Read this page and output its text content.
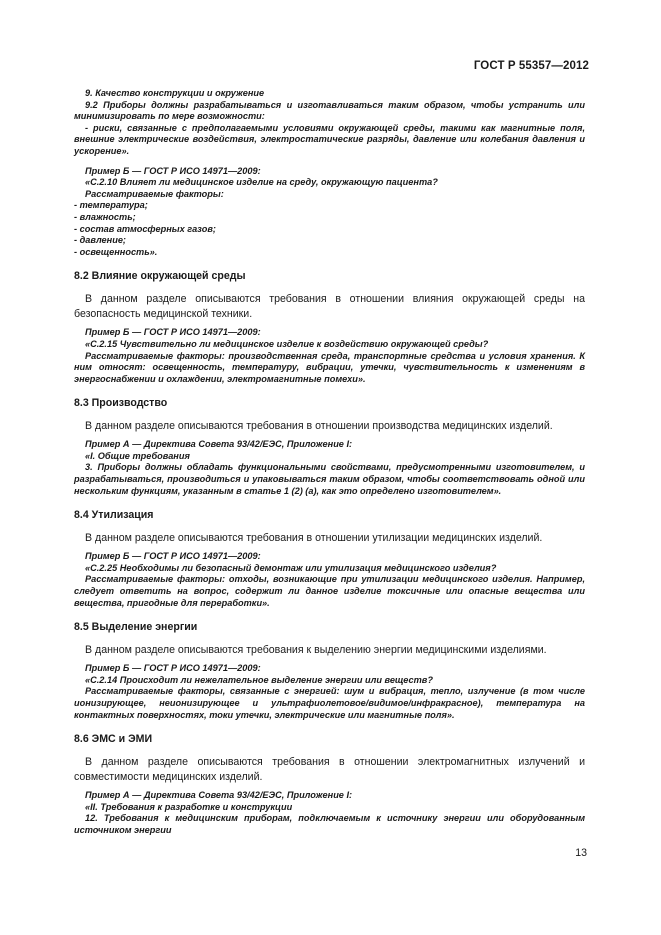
ГОСТ Р 55357—2012

9. Качество конструкции и окружение

9.2 Приборы должны разрабатываться и изготавливаться таким образом, чтобы устранить или минимизировать по мере возможности:

- риски, связанные с предполагаемыми условиями окружающей среды, такими как магнитные поля, внешние электрические воздействия, электростатические разряды, давление или колебания давления и ускорение».

Пример Б — ГОСТ Р ИСО 14971—2009:

«С.2.10 Влияет ли медицинское изделие на среду, окружающую пациента?

Рассматриваемые факторы:

- температура;

- влажность;

- состав атмосферных газов;

- давление;

- освещенность».

8.2 Влияние окружающей среды

В данном разделе описываются требования в отношении влияния окружающей среды на безопасность медицинской техники.

Пример Б — ГОСТ Р ИСО 14971—2009:

«С.2.15 Чувствительно ли медицинское изделие к воздействию окружающей среды?

Рассматриваемые факторы: производственная среда, транспортные средства и условия хранения. К ним относят: освещенность, температуру, вибрации, утечки, чувствительность к изменениям в энергоснабжении и охлаждении, электромагнитные помехи».

8.3 Производство

В данном разделе описываются требования в отношении производства медицинских изделий.

Пример А — Директива Совета 93/42/ЕЭС, Приложение I:

«I. Общие требования

3. Приборы должны обладать функциональными свойствами, предусмотренными изготовителем, и разрабатываться, производиться и упаковываться таким образом, чтобы соответствовать одной или нескольким функциям, указанным в статье 1 (2) (а), как это определено изготовителем».

8.4 Утилизация

В данном разделе описываются требования в отношении утилизации медицинских изделий.

Пример Б — ГОСТ Р ИСО 14971—2009:

«С.2.25 Необходимы ли безопасный демонтаж или утилизация медицинского изделия?

Рассматриваемые факторы: отходы, возникающие при утилизации медицинского изделия. Например, следует ответить на вопрос, содержит ли данное изделие токсичные или опасные вещества или вещества, пригодные для переработки».

8.5 Выделение энергии

В данном разделе описываются требования к выделению энергии медицинскими изделиями.

Пример Б — ГОСТ Р ИСО 14971—2009:

«С.2.14 Происходит ли нежелательное выделение энергии или веществ?

Рассматриваемые факторы, связанные с энергией: шум и вибрация, тепло, излучение (в том числе ионизирующее, неионизирующее и ультрафиолетовое/видимое/инфракрасное), температура на контактных поверхностях, токи утечки, электрические или магнитные поля».

8.6 ЭМС и ЭМИ

В данном разделе описываются требования в отношении электромагнитных излучений и совместимости медицинских изделий.

Пример А — Директива Совета 93/42/ЕЭС, Приложение I:

«II. Требования к разработке и конструкции

12. Требования к медицинским приборам, подключаемым к источнику энергии или оборудованным источником энергии

13
